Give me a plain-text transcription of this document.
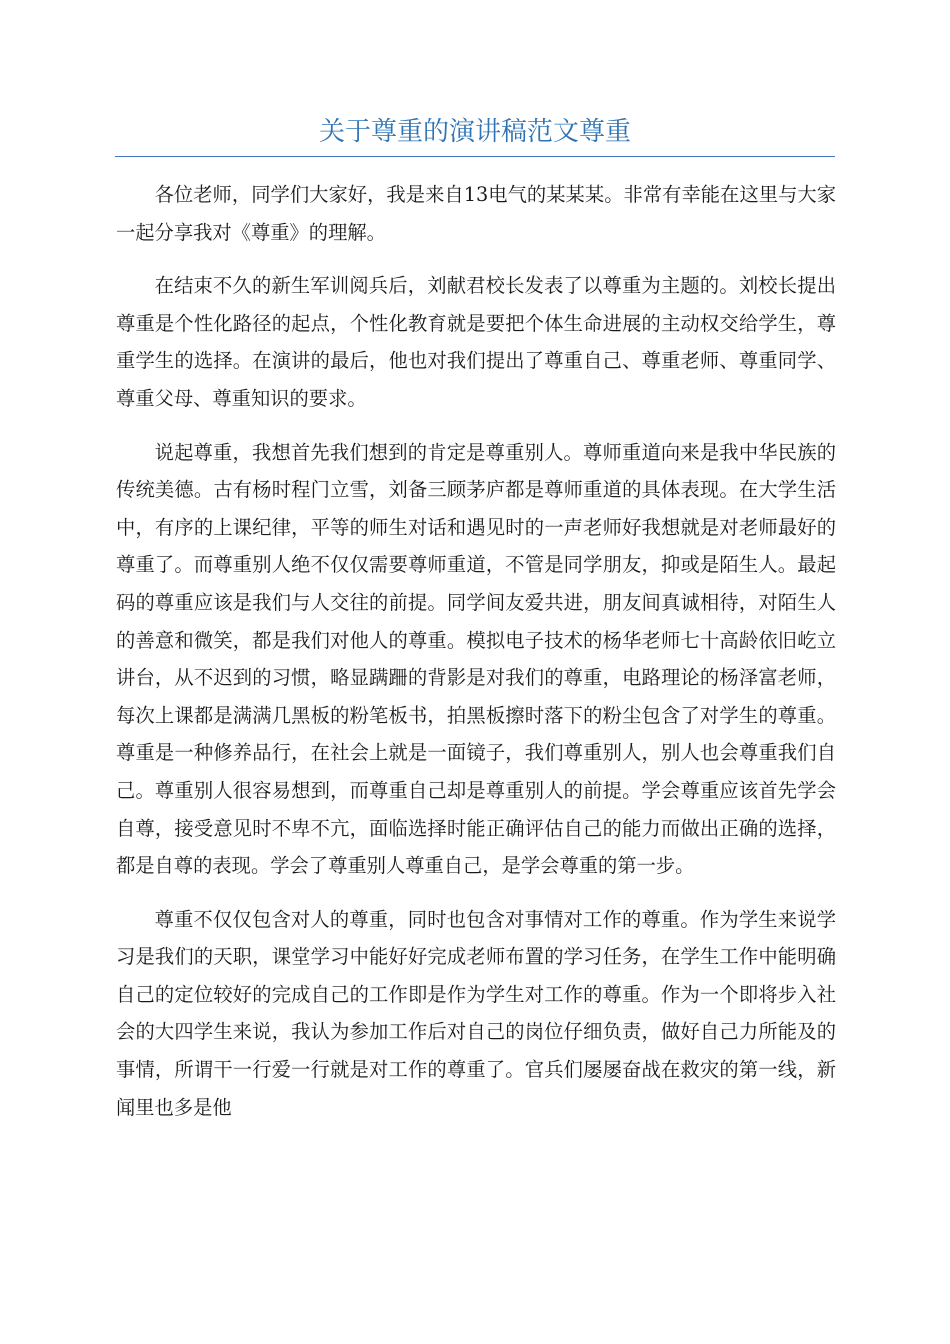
关于尊重的演讲稿范文尊重

各位老师，同学们大家好，我是来自13电气的某某某。非常有幸能在这里与大家一起分享我对《尊重》的理解。

在结束不久的新生军训阅兵后，刘献君校长发表了以尊重为主题的。刘校长提出尊重是个性化路径的起点，个性化教育就是要把个体生命进展的主动权交给学生，尊重学生的选择。在演讲的最后，他也对我们提出了尊重自己、尊重老师、尊重同学、尊重父母、尊重知识的要求。

说起尊重，我想首先我们想到的肯定是尊重别人。尊师重道向来是我中华民族的传统美德。古有杨时程门立雪，刘备三顾茅庐都是尊师重道的具体表现。在大学生活中，有序的上课纪律，平等的师生对话和遇见时的一声老师好我想就是对老师最好的尊重了。而尊重别人绝不仅仅需要尊师重道，不管是同学朋友，抑或是陌生人。最起码的尊重应该是我们与人交往的前提。同学间友爱共进，朋友间真诚相待，对陌生人的善意和微笑，都是我们对他人的尊重。模拟电子技术的杨华老师七十高龄依旧屹立讲台，从不迟到的习惯，略显蹒跚的背影是对我们的尊重，电路理论的杨泽富老师，每次上课都是满满几黑板的粉笔板书，拍黑板擦时落下的粉尘包含了对学生的尊重。尊重是一种修养品行，在社会上就是一面镜子，我们尊重别人，别人也会尊重我们自己。尊重别人很容易想到，而尊重自己却是尊重别人的前提。学会尊重应该首先学会自尊，接受意见时不卑不亢，面临选择时能正确评估自己的能力而做出正确的选择，都是自尊的表现。学会了尊重别人尊重自己，是学会尊重的第一步。

尊重不仅仅包含对人的尊重，同时也包含对事情对工作的尊重。作为学生来说学习是我们的天职，课堂学习中能好好完成老师布置的学习任务，在学生工作中能明确自己的定位较好的完成自己的工作即是作为学生对工作的尊重。作为一个即将步入社会的大四学生来说，我认为参加工作后对自己的岗位仔细负责，做好自己力所能及的事情，所谓干一行爱一行就是对工作的尊重了。官兵们屡屡奋战在救灾的第一线，新闻里也多是他
